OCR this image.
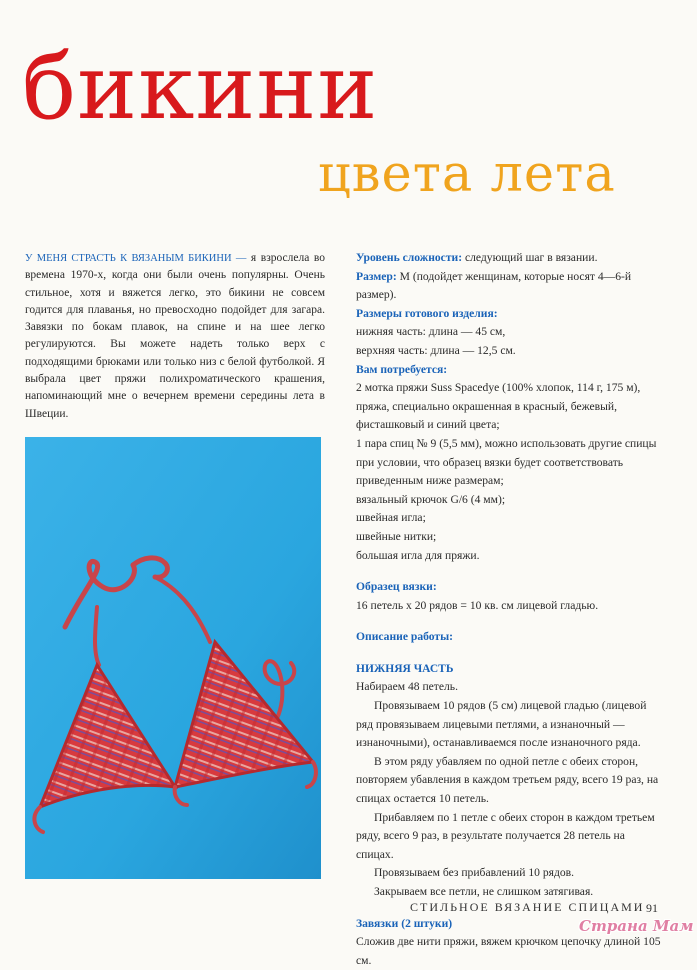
бикини
цвета лета

У МЕНЯ СТРАСТЬ К ВЯЗАНЫМ БИКИНИ — я взрослела во времена 1970-х, когда они были очень популярны. Очень стильное, хотя и вяжется легко, это бикини не совсем годится для плаванья, но превосходно подойдет для загара. Завязки по бокам плавок, на спине и на шее легко регулируются. Вы можете надеть только верх с подходящими брюками или только низ с белой футболкой. Я выбрала цвет пряжи полихроматического крашения, напоминающий мне о вечернем времени середины лета в Швеции.

Уровень сложности: следующий шаг в вязании.

Размер: М (подойдет женщинам, которые носят 4—6-й размер).

Размеры готового изделия:

нижняя часть: длина — 45 см,

верхняя часть: длина — 12,5 см.

Вам потребуется:

2 мотка пряжи Suss Spacedye (100% хлопок, 114 г, 175 м), пряжа, специально окрашенная в красный, бежевый, фисташковый и синий цвета;

1 пара спиц № 9 (5,5 мм), можно использовать другие спицы при условии, что образец вязки будет соответствовать приведенным ниже размерам;

вязальный крючок G/6 (4 мм);

швейная игла;

швейные нитки;

большая игла для пряжи.

Образец вязки:

16 петель х 20 рядов = 10 кв. см лицевой гладью.

Описание работы:

НИЖНЯЯ ЧАСТЬ

Набираем 48 петель.

Провязываем 10 рядов (5 см) лицевой гладью (лицевой ряд провязываем лицевыми петлями, а изнаночный — изнаночными), останавливаемся после изнаночного ряда.

В этом ряду убавляем по одной петле с обеих сторон, повторяем убавления в каждом третьем ряду, всего 19 раз, на спицах остается 10 петель.

Прибавляем по 1 петле с обеих сторон в каждом третьем ряду, всего 9 раз, в результате получается 28 петель на спицах.

Провязываем без прибавлений 10 рядов.

Закрываем все петли, не слишком затягивая.

Завязки (2 штуки)

Сложив две нити пряжи, вяжем крючком цепочку длиной 105 см.

СТИЛЬНОЕ ВЯЗАНИЕ СПИЦАМИ 91
Страна Мам
